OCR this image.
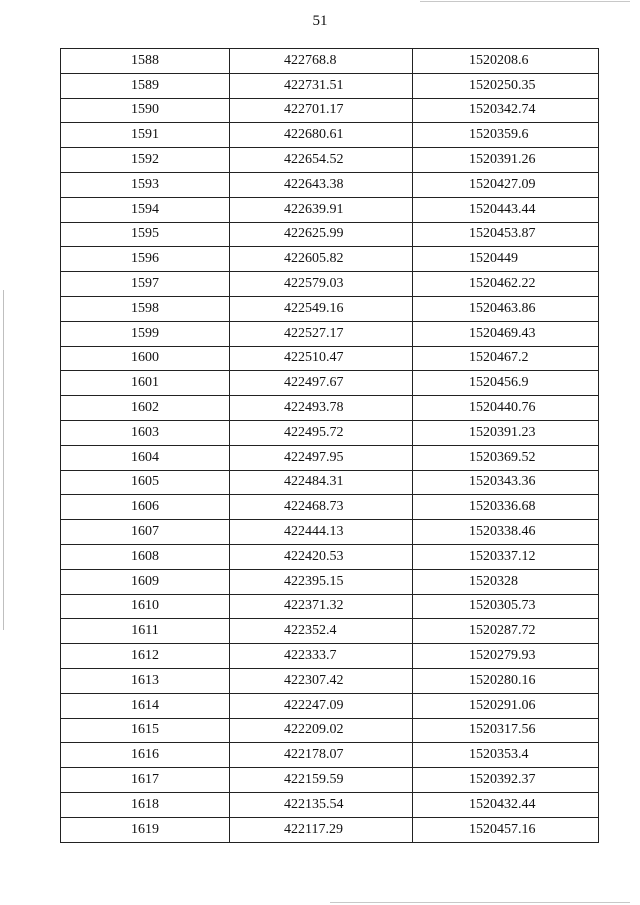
51
1588	422768.8	1520208.6
1589	422731.51	1520250.35
1590	422701.17	1520342.74
1591	422680.61	1520359.6
1592	422654.52	1520391.26
1593	422643.38	1520427.09
1594	422639.91	1520443.44
1595	422625.99	1520453.87
1596	422605.82	1520449
1597	422579.03	1520462.22
1598	422549.16	1520463.86
1599	422527.17	1520469.43
1600	422510.47	1520467.2
1601	422497.67	1520456.9
1602	422493.78	1520440.76
1603	422495.72	1520391.23
1604	422497.95	1520369.52
1605	422484.31	1520343.36
1606	422468.73	1520336.68
1607	422444.13	1520338.46
1608	422420.53	1520337.12
1609	422395.15	1520328
1610	422371.32	1520305.73
1611	422352.4	1520287.72
1612	422333.7	1520279.93
1613	422307.42	1520280.16
1614	422247.09	1520291.06
1615	422209.02	1520317.56
1616	422178.07	1520353.4
1617	422159.59	1520392.37
1618	422135.54	1520432.44
1619	422117.29	1520457.16
